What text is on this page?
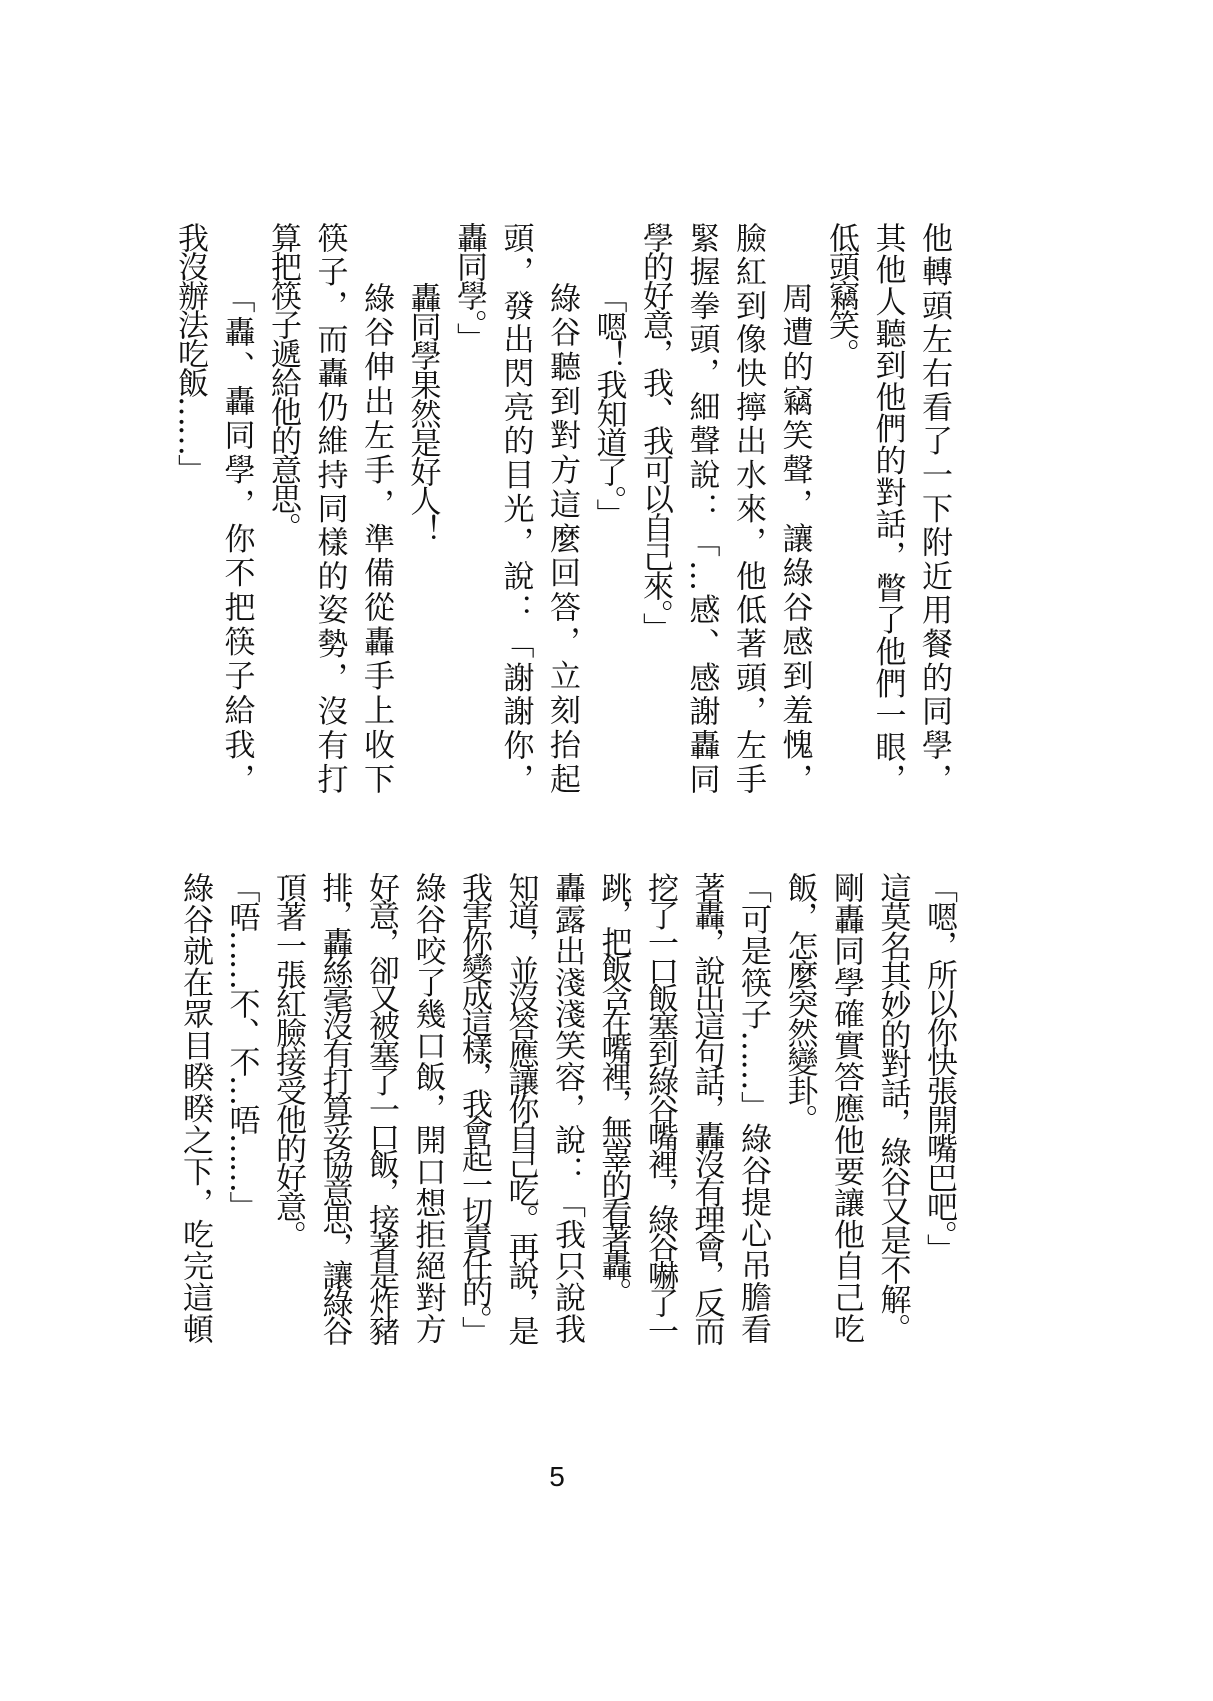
他轉頭左右看了一下附近用餐的同學，
其他人聽到他們的對話，瞥了他們一眼，
低頭竊笑。
周遭的竊笑聲，讓綠谷感到羞愧，
臉紅到像快擰出水來，他低著頭，左手
緊握拳頭，細聲說：「…感、感謝轟同
學的好意，我、我可以自己來。」
「嗯！我知道了。」
綠谷聽到對方這麼回答，立刻抬起
頭，發出閃亮的目光，說：「謝謝你，
轟同學。」
轟同學果然是好人！
綠谷伸出左手，準備從轟手上收下
筷子，而轟仍維持同樣的姿勢，沒有打
算把筷子遞給他的意思。
「轟、轟同學，你不把筷子給我，
我沒辦法吃飯……」
「嗯，所以你快張開嘴巴吧。」
這莫名其妙的對話，綠谷又是不解。
剛轟同學確實答應他要讓他自己吃
飯，怎麼突然變卦。
「可是筷子……」綠谷提心吊膽看
著轟，說出這句話，轟沒有理會，反而
挖了一口飯塞到綠谷嘴裡，綠谷嚇了一
跳，把飯含在嘴裡，無辜的看著轟。
轟露出淺淺笑容，說：「我只說我
知道，並沒答應讓你自己吃。再說，是
我害你變成這樣，我會起一切責任的。」
綠谷咬了幾口飯，開口想拒絕對方
好意，卻又被塞了一口飯，接著是炸豬
排，轟絲毫沒有打算妥協意思，讓綠谷
頂著一張紅臉接受他的好意。
「唔……不、不…唔……」
綠谷就在眾目睽睽之下，吃完這頓
5
